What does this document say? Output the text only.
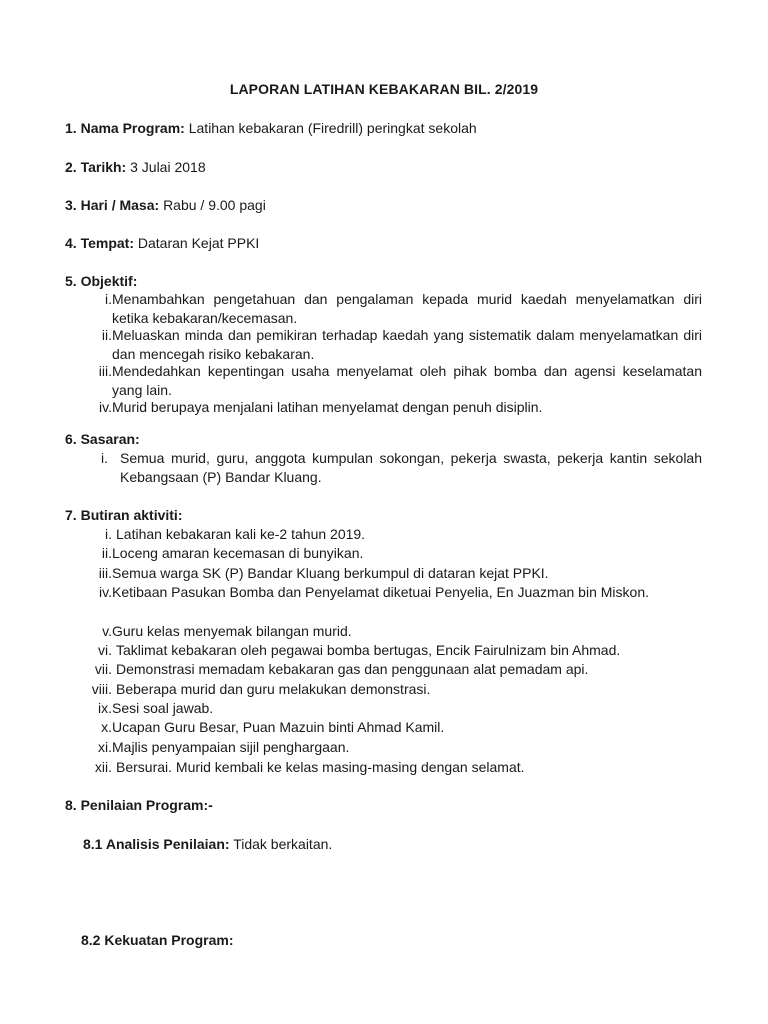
LAPORAN LATIHAN KEBAKARAN BIL. 2/2019
1. Nama Program: Latihan kebakaran (Firedrill) peringkat sekolah
2. Tarikh: 3 Julai 2018
3. Hari / Masa: Rabu / 9.00 pagi
4. Tempat: Dataran Kejat PPKI
5. Objektif:
i. Menambahkan pengetahuan dan pengalaman kepada murid kaedah menyelamatkan diri ketika kebakaran/kecemasan.
ii. Meluaskan minda dan pemikiran terhadap kaedah yang sistematik dalam menyelamatkan diri dan mencegah risiko kebakaran.
iii. Mendedahkan kepentingan usaha menyelamat oleh pihak bomba dan agensi keselamatan yang lain.
iv. Murid berupaya menjalani latihan menyelamat dengan penuh disiplin.
6. Sasaran:
i. Semua murid, guru, anggota kumpulan sokongan, pekerja swasta, pekerja kantin sekolah Kebangsaan (P) Bandar Kluang.
7. Butiran aktiviti:
i. Latihan kebakaran kali ke-2 tahun 2019.
ii. Loceng amaran kecemasan di bunyikan.
iii. Semua warga SK (P) Bandar Kluang berkumpul di dataran kejat PPKI.
iv. Ketibaan Pasukan Bomba dan Penyelamat diketuai Penyelia, En Juazman bin Miskon.
v. Guru kelas menyemak bilangan murid.
vi. Taklimat kebakaran oleh pegawai bomba bertugas, Encik Fairulnizam bin Ahmad.
vii. Demonstrasi memadam kebakaran gas dan penggunaan alat pemadam api.
viii. Beberapa murid dan guru melakukan demonstrasi.
ix. Sesi soal jawab.
x. Ucapan Guru Besar, Puan Mazuin binti Ahmad Kamil.
xi. Majlis penyampaian sijil penghargaan.
xii. Bersurai. Murid kembali ke kelas masing-masing dengan selamat.
8. Penilaian Program:-
8.1 Analisis Penilaian: Tidak berkaitan.
8.2 Kekuatan Program:
